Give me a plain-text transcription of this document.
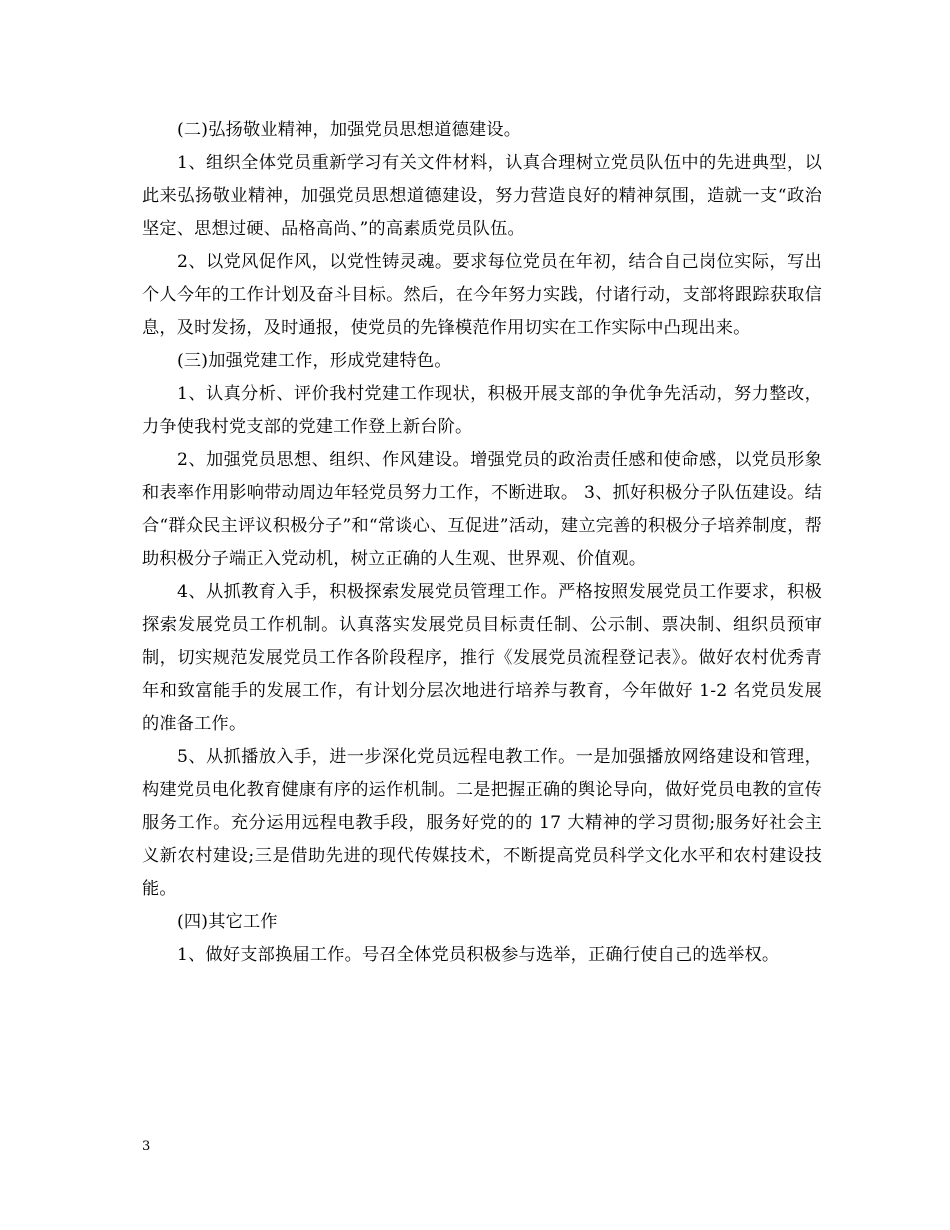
(二)弘扬敬业精神，加强党员思想道德建设。

1、组织全体党员重新学习有关文件材料，认真合理树立党员队伍中的先进典型，以此来弘扬敬业精神，加强党员思想道德建设，努力营造良好的精神氛围，造就一支“政治坚定、思想过硬、品格高尚、”的高素质党员队伍。

2、以党风促作风，以党性铸灵魂。要求每位党员在年初，结合自己岗位实际，写出个人今年的工作计划及奋斗目标。然后，在今年努力实践，付诸行动，支部将跟踪获取信息，及时发扬，及时通报，使党员的先锋模范作用切实在工作实际中凸现出来。

(三)加强党建工作，形成党建特色。

1、认真分析、评价我村党建工作现状，积极开展支部的争优争先活动，努力整改，力争使我村党支部的党建工作登上新台阶。

2、加强党员思想、组织、作风建设。增强党员的政治责任感和使命感，以党员形象和表率作用影响带动周边年轻党员努力工作，不断进取。 3、抓好积极分子队伍建设。结合“群众民主评议积极分子”和“常谈心、互促进”活动，建立完善的积极分子培养制度，帮助积极分子端正入党动机，树立正确的人生观、世界观、价值观。

4、从抓教育入手，积极探索发展党员管理工作。严格按照发展党员工作要求，积极探索发展党员工作机制。认真落实发展党员目标责任制、公示制、票决制、组织员预审制，切实规范发展党员工作各阶段程序，推行《发展党员流程登记表》。做好农村优秀青年和致富能手的发展工作，有计划分层次地进行培养与教育，今年做好 1-2 名党员发展的准备工作。

5、从抓播放入手，进一步深化党员远程电教工作。一是加强播放网络建设和管理，构建党员电化教育健康有序的运作机制。二是把握正确的舆论导向，做好党员电教的宣传服务工作。充分运用远程电教手段，服务好党的的 17 大精神的学习贯彻;服务好社会主义新农村建设;三是借助先进的现代传媒技术，不断提高党员科学文化水平和农村建设技能。

(四)其它工作

1、做好支部换届工作。号召全体党员积极参与选举，正确行使自己的选举权。

3
